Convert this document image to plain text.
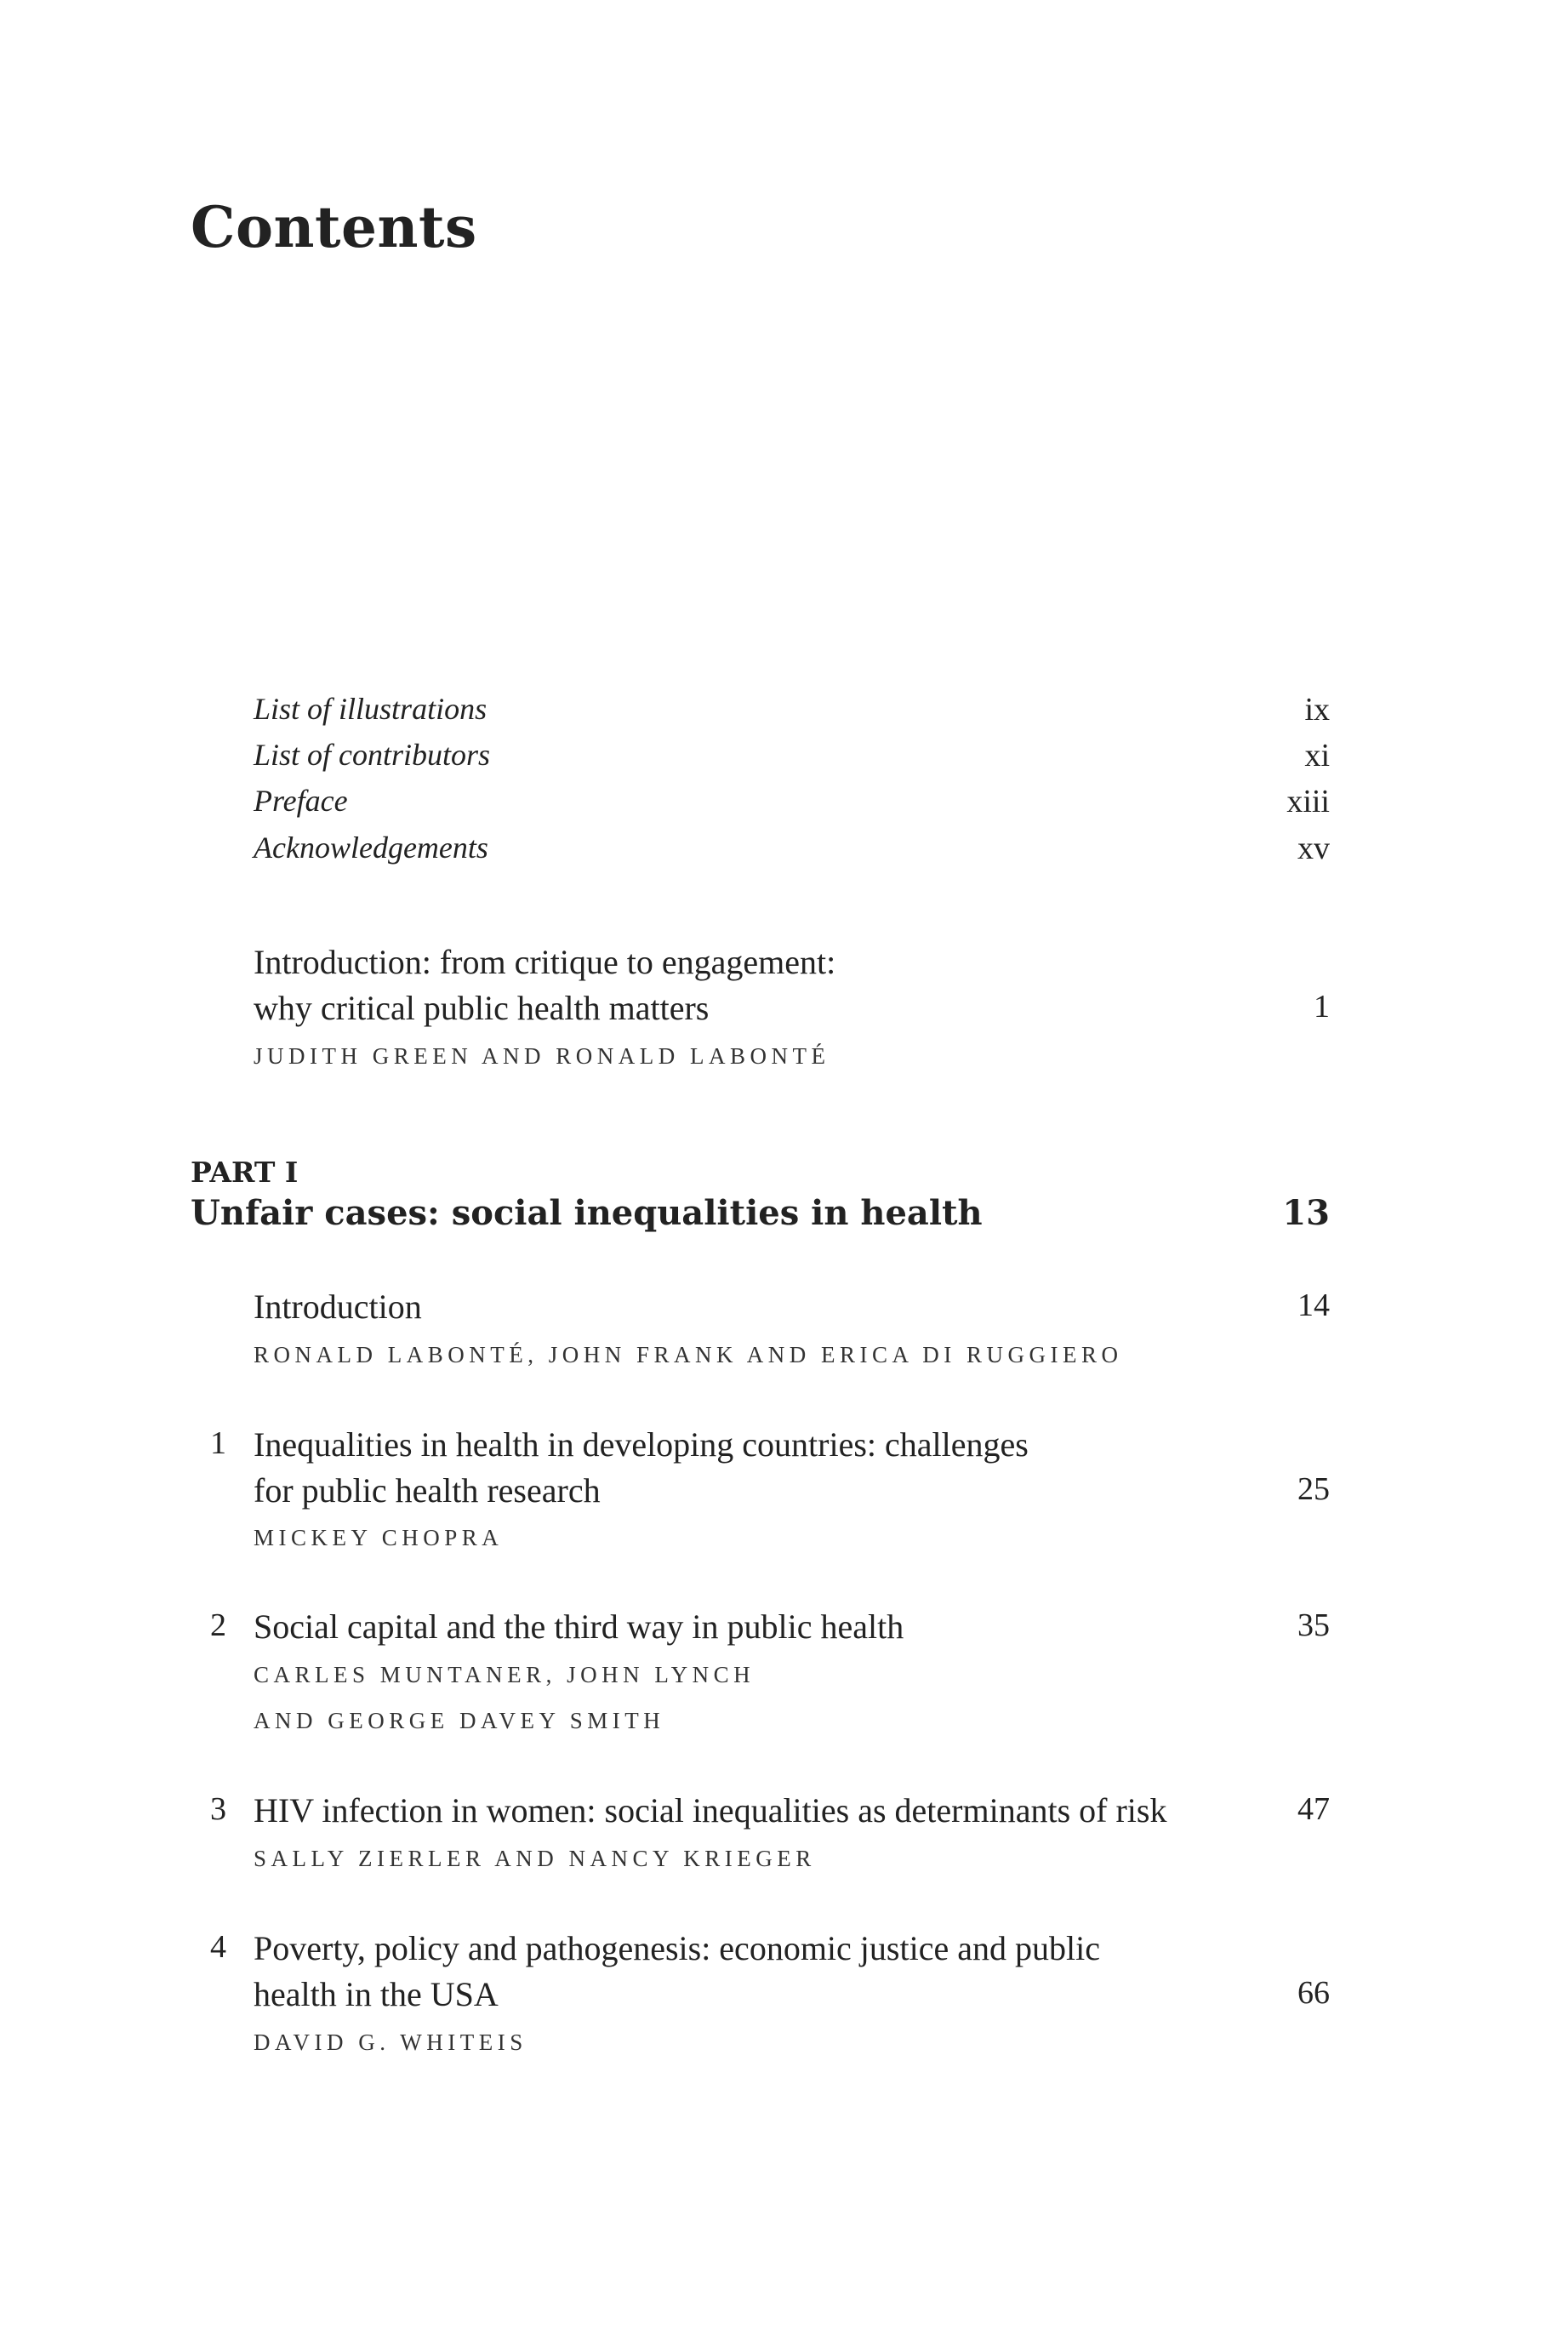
Contents
List of illustrations	ix
List of contributors	xi
Preface	xiii
Acknowledgements	xv
Introduction: from critique to engagement:
why critical public health matters	1
JUDITH GREEN AND RONALD LABONTÉ
PART I
Unfair cases: social inequalities in health	13
Introduction	14
RONALD LABONTÉ, JOHN FRANK AND ERICA DI RUGGIERO
1 Inequalities in health in developing countries: challenges
for public health research	25
MICKEY CHOPRA
2 Social capital and the third way in public health	35
CARLES MUNTANER, JOHN LYNCH
AND GEORGE DAVEY SMITH
3 HIV infection in women: social inequalities as determinants of risk	47
SALLY ZIERLER AND NANCY KRIEGER
4 Poverty, policy and pathogenesis: economic justice and public
health in the USA	66
DAVID G. WHITEIS
